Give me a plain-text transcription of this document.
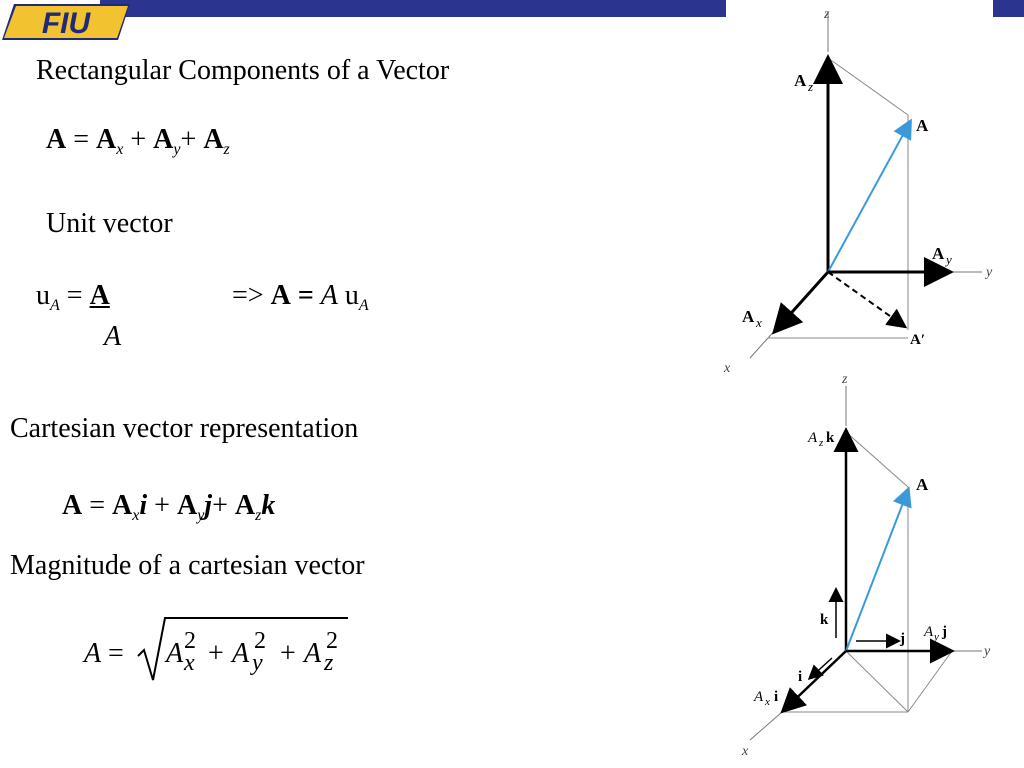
FIU
Rectangular Components of a Vector
$A = A_x + A_y+ A_z$
Unit vector
$u_A = A$
A
=> A = A $u_A$
Cartesian vector representation
$A = A_xi + A_yj+ A_zk$
Magnitude of a cartesian vector
A = A x
2 + A y
2 + A z
2
z
y
x
A z
A
A y
A x
A′
z
y
x
A z k
A
k
j A y j
i
A x i
